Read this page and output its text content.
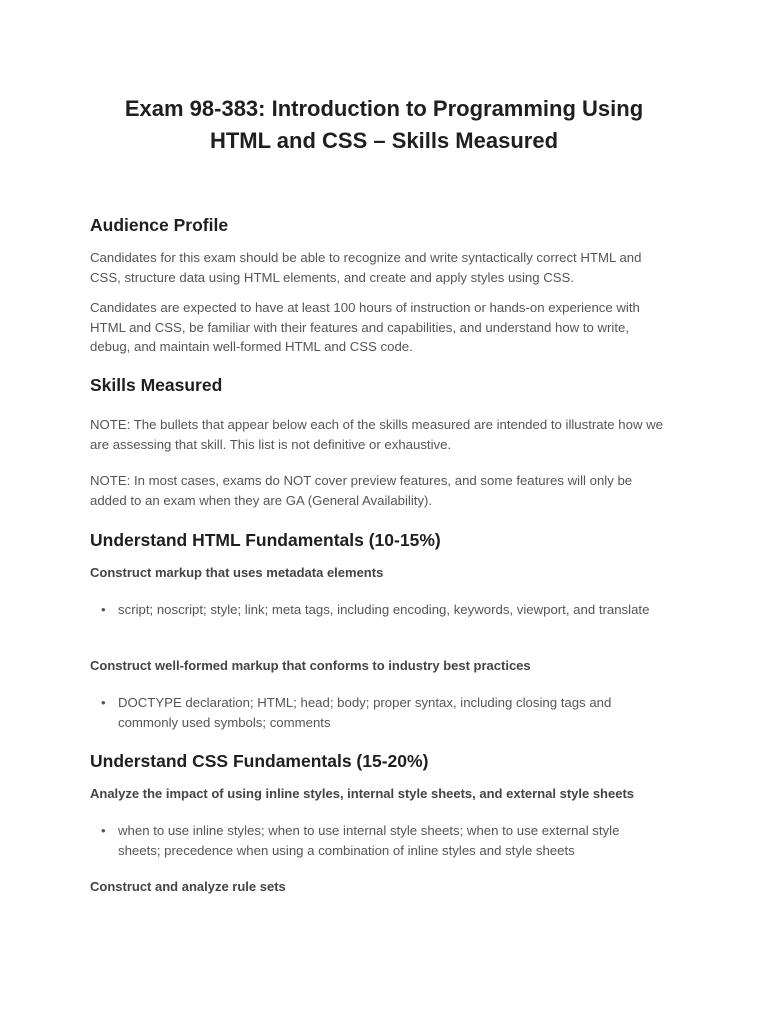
Exam 98-383: Introduction to Programming Using
HTML and CSS – Skills Measured
Audience Profile

Candidates for this exam should be able to recognize and write syntactically correct HTML and CSS, structure data using HTML elements, and create and apply styles using CSS.

Candidates are expected to have at least 100 hours of instruction or hands-on experience with HTML and CSS, be familiar with their features and capabilities, and understand how to write, debug, and maintain well-formed HTML and CSS code.

Skills Measured

NOTE: The bullets that appear below each of the skills measured are intended to illustrate how we are assessing that skill. This list is not definitive or exhaustive.

NOTE: In most cases, exams do NOT cover preview features, and some features will only be added to an exam when they are GA (General Availability).

Understand HTML Fundamentals (10-15%)

Construct markup that uses metadata elements

• script; noscript; style; link; meta tags, including encoding, keywords, viewport, and translate

Construct well-formed markup that conforms to industry best practices

• DOCTYPE declaration; HTML; head; body; proper syntax, including closing tags and commonly used symbols; comments
Understand CSS Fundamentals (15-20%)

Analyze the impact of using inline styles, internal style sheets, and external style sheets

• when to use inline styles; when to use internal style sheets; when to use external style sheets; precedence when using a combination of inline styles and style sheets

Construct and analyze rule sets
